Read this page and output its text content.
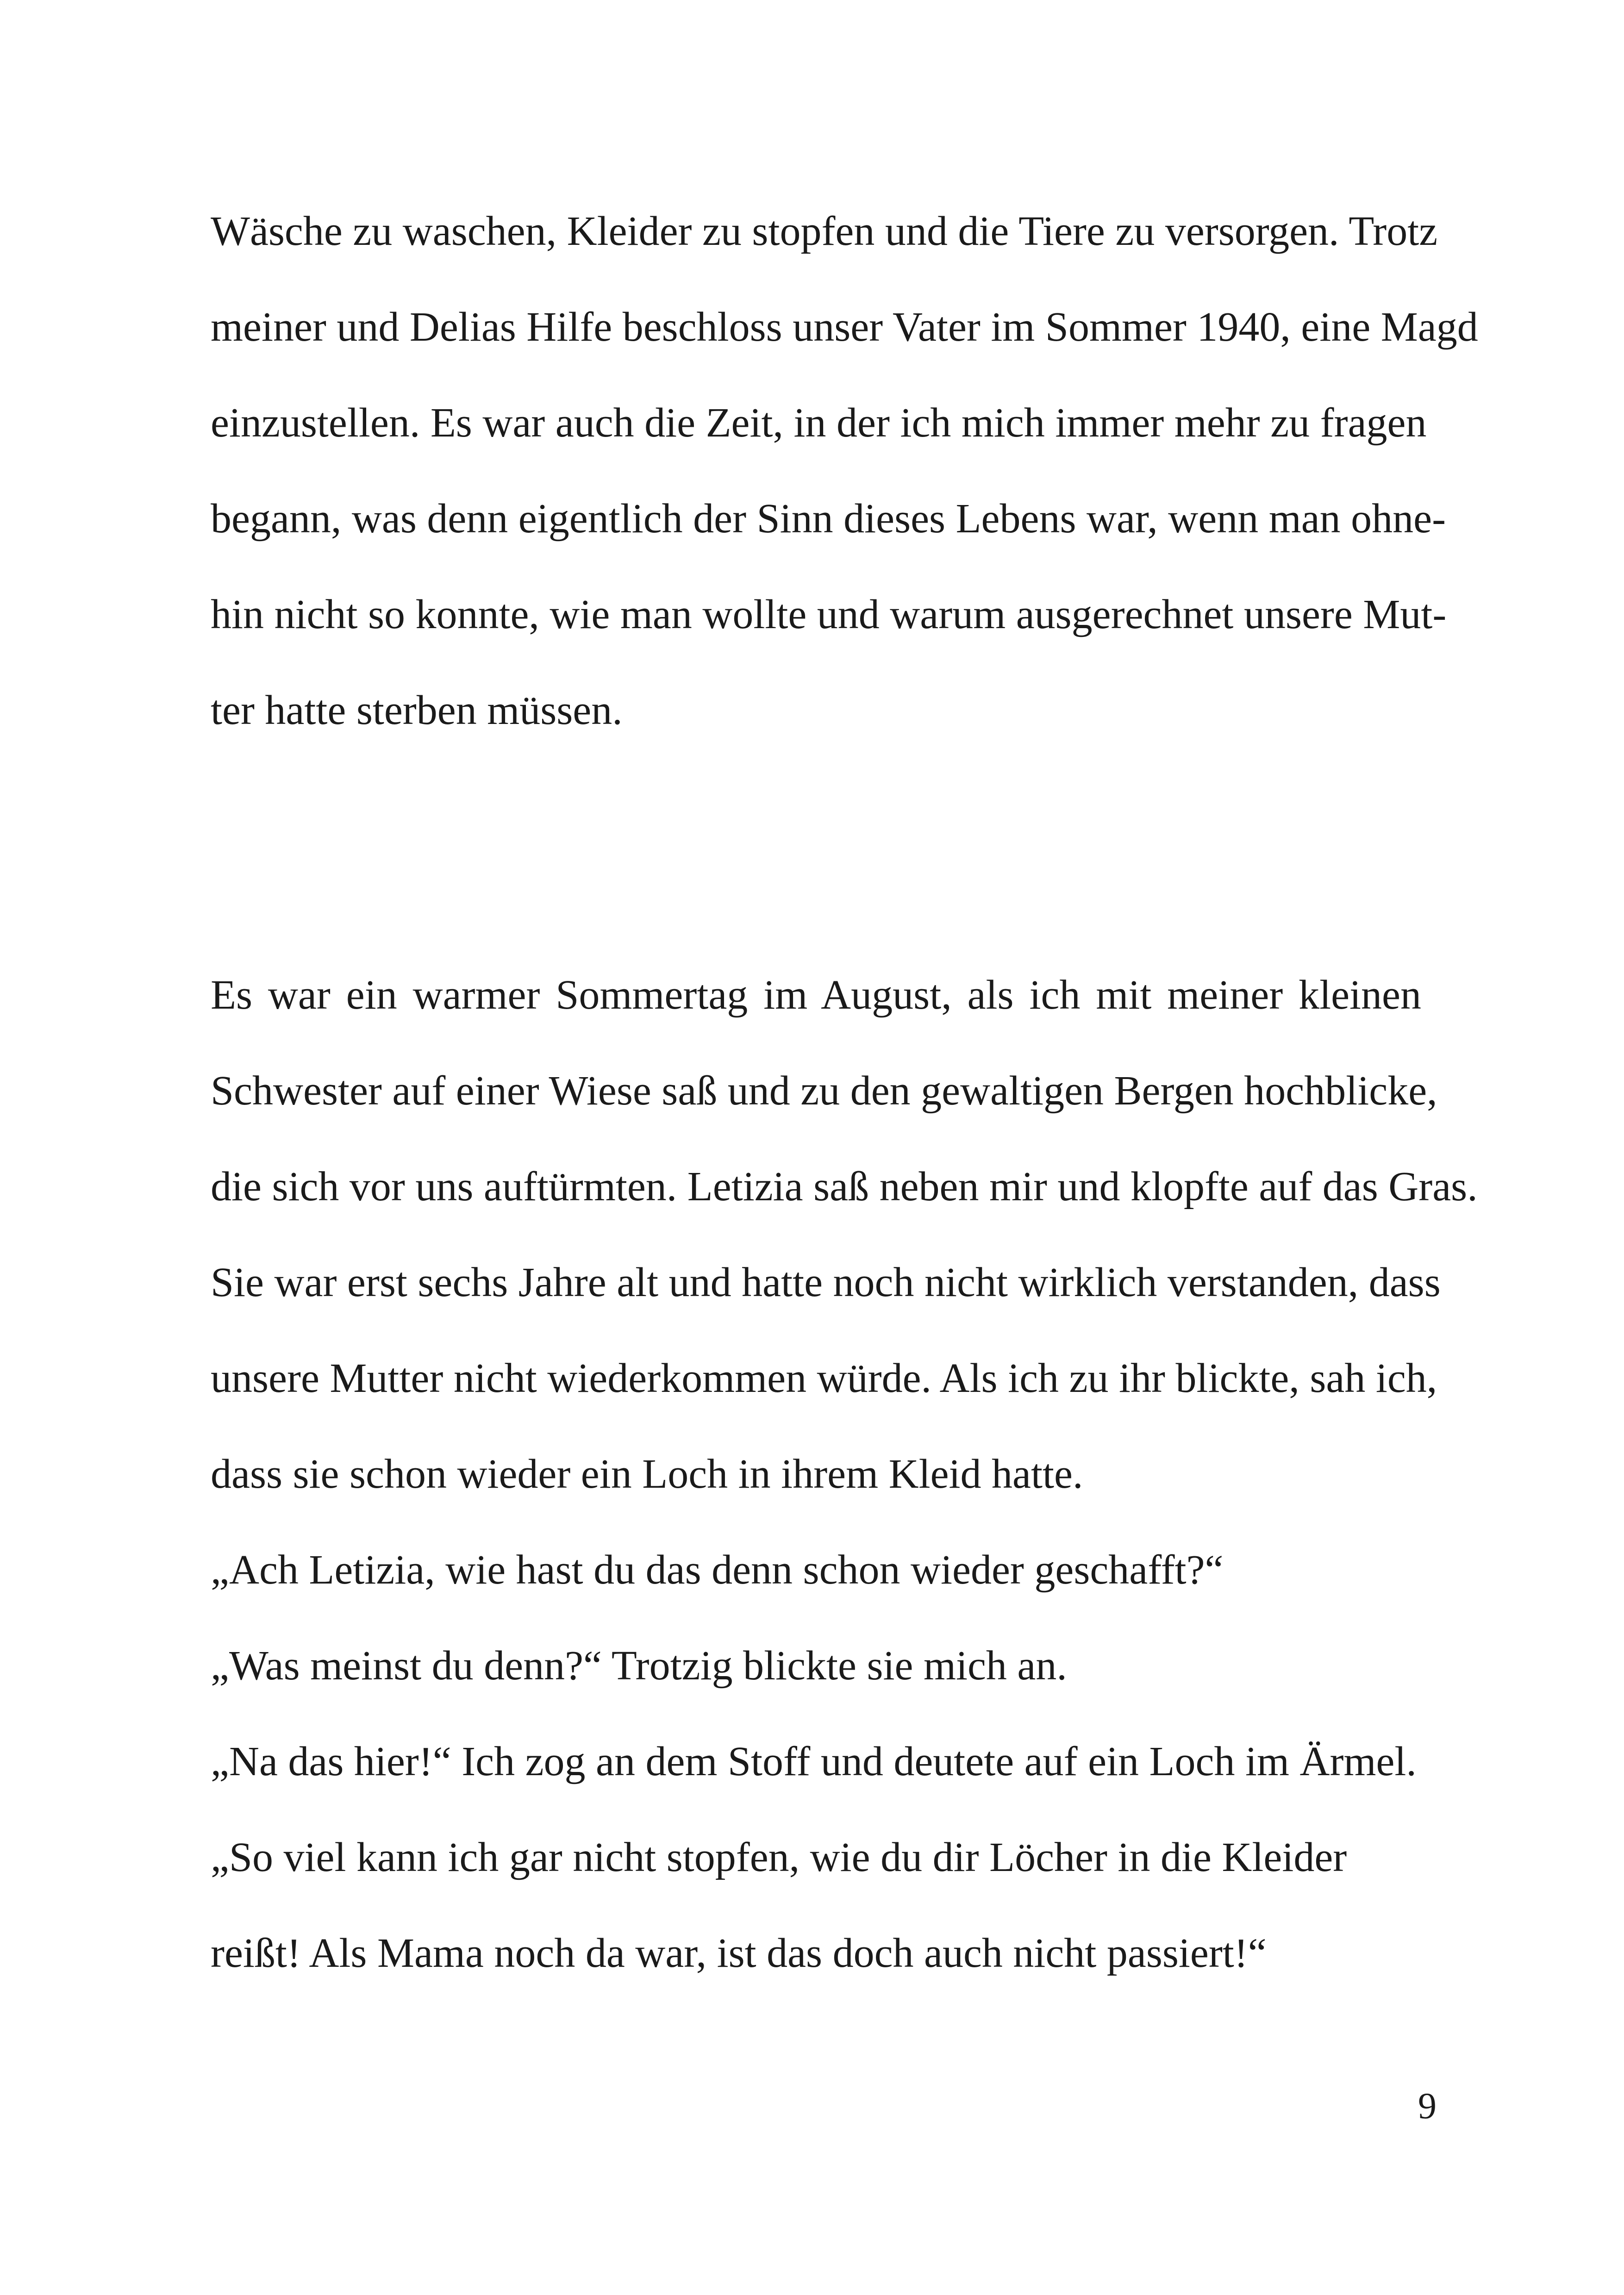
Wäsche zu waschen, Kleider zu stopfen und die Tiere zu versorgen. Trotz
meiner und Delias Hilfe beschloss unser Vater im Sommer 1940, eine Magd
einzustellen. Es war auch die Zeit, in der ich mich immer mehr zu fragen
begann, was denn eigentlich der Sinn dieses Lebens war, wenn man ohne-
hin nicht so konnte, wie man wollte und warum ausgerechnet unsere Mut-
ter hatte sterben müssen.
Es war ein warmer Sommertag im August, als ich mit meiner kleinen
Schwester auf einer Wiese saß und zu den gewaltigen Bergen hochblicke,
die sich vor uns auftürmten. Letizia saß neben mir und klopfte auf das Gras.
Sie war erst sechs Jahre alt und hatte noch nicht wirklich verstanden, dass
unsere Mutter nicht wiederkommen würde. Als ich zu ihr blickte, sah ich,
dass sie schon wieder ein Loch in ihrem Kleid hatte.
„Ach Letizia, wie hast du das denn schon wieder geschafft?“
„Was meinst du denn?“ Trotzig blickte sie mich an.
„Na das hier!“ Ich zog an dem Stoff und deutete auf ein Loch im Ärmel.
„So viel kann ich gar nicht stopfen, wie du dir Löcher in die Kleider
reißt! Als Mama noch da war, ist das doch auch nicht passiert!“
9
